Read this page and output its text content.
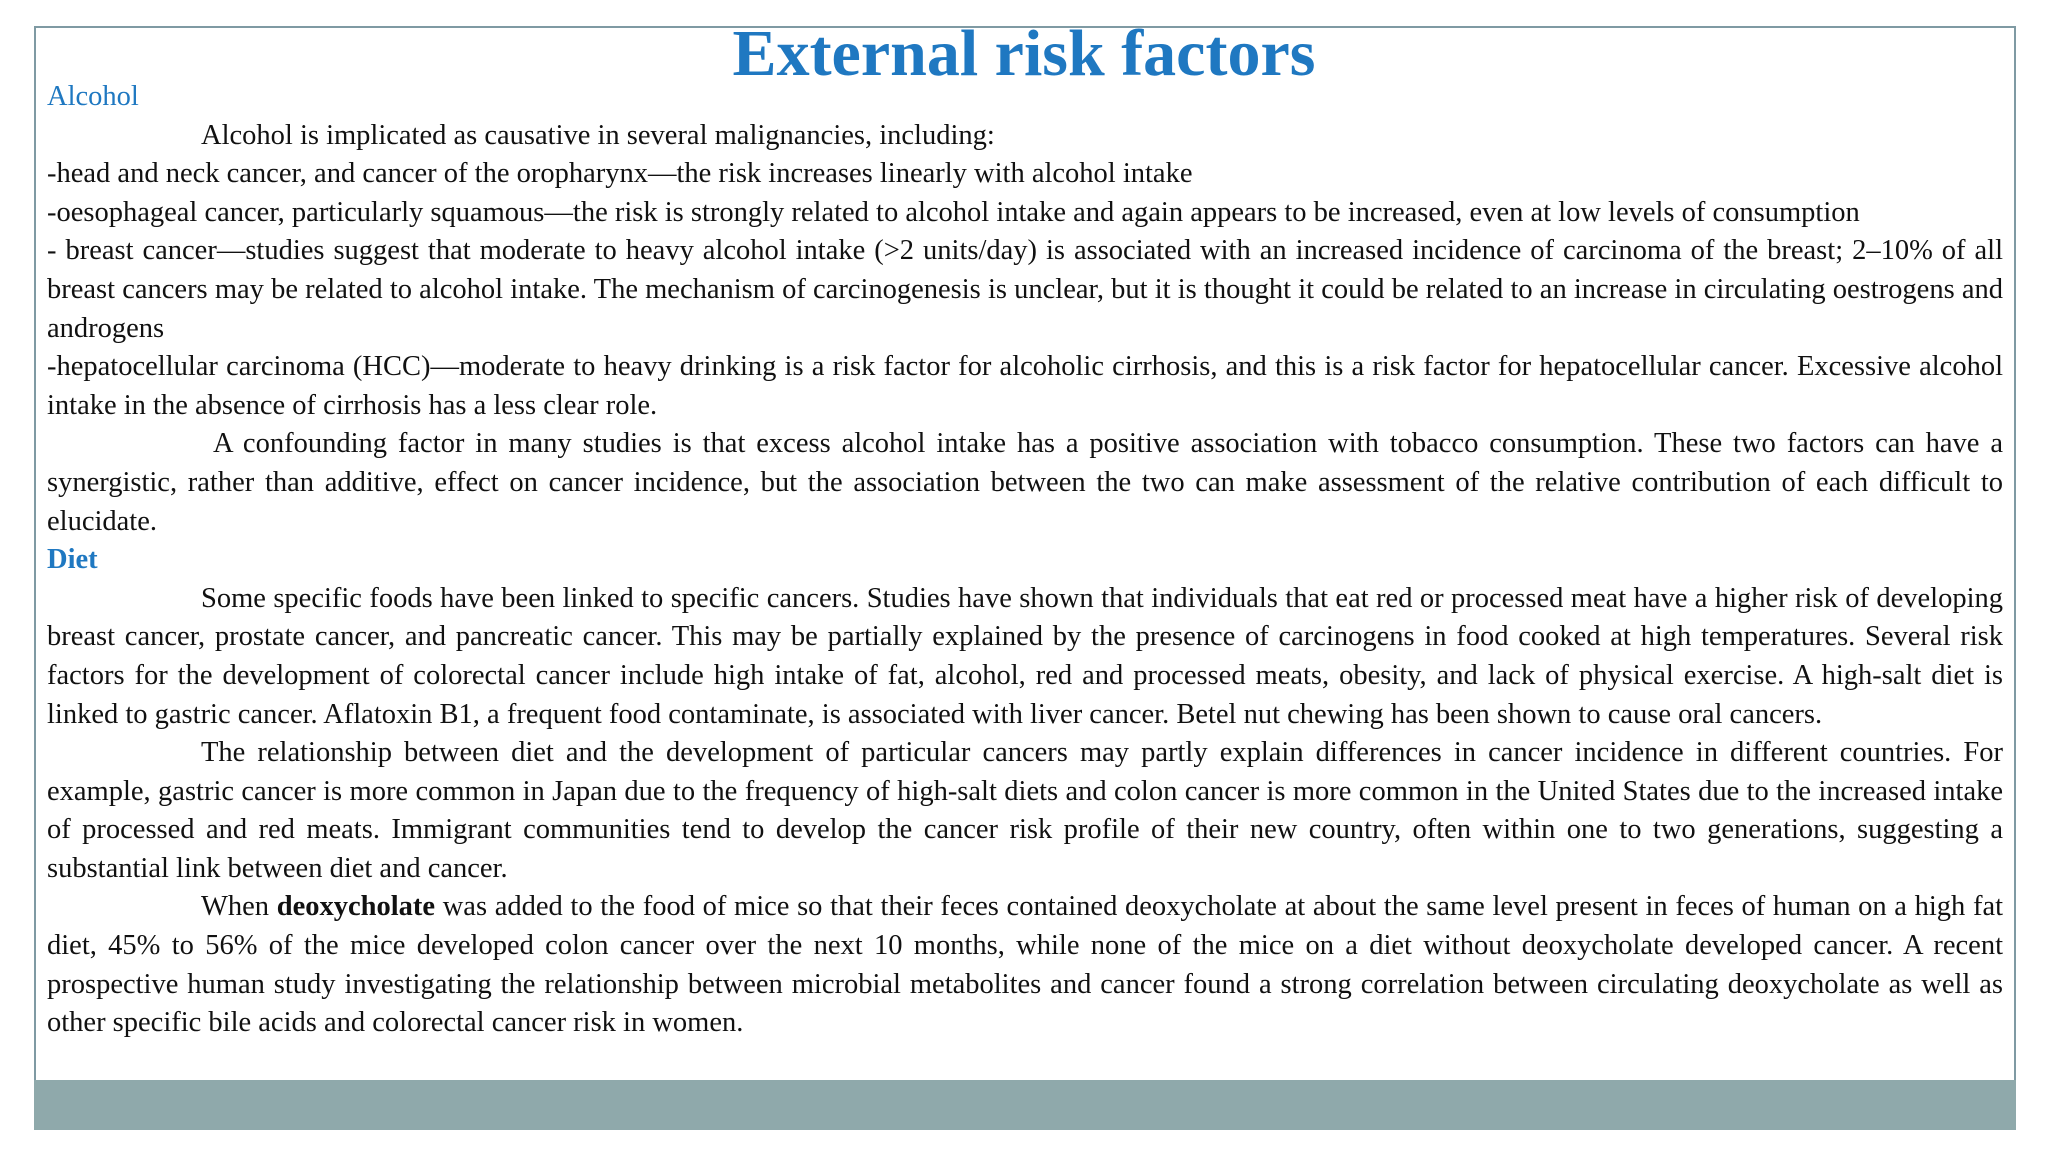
External risk factors

Alcohol

Alcohol is implicated as causative in several malignancies, including:

-head and neck cancer, and cancer of the oropharynx—the risk increases linearly with alcohol intake

-oesophageal cancer, particularly squamous—the risk is strongly related to alcohol intake and again appears to be increased, even at low levels of consumption

- breast cancer—studies suggest that moderate to heavy alcohol intake (>2 units/day) is associated with an increased incidence of carcinoma of the breast; 2–10% of all breast cancers may be related to alcohol intake. The mechanism of carcinogenesis is unclear, but it is thought it could be related to an increase in circulating oestrogens and androgens

-hepatocellular carcinoma (HCC)—moderate to heavy drinking is a risk factor for alcoholic cirrhosis, and this is a risk factor for hepatocellular cancer. Excessive alcohol intake in the absence of cirrhosis has a less clear role.

A confounding factor in many studies is that excess alcohol intake has a positive association with tobacco consumption. These two factors can have a synergistic, rather than additive, effect on cancer incidence, but the association between the two can make assessment of the relative contribution of each difficult to elucidate.

Diet

Some specific foods have been linked to specific cancers. Studies have shown that individuals that eat red or processed meat have a higher risk of developing breast cancer, prostate cancer, and pancreatic cancer. This may be partially explained by the presence of carcinogens in food cooked at high temperatures. Several risk factors for the development of colorectal cancer include high intake of fat, alcohol, red and processed meats, obesity, and lack of physical exercise. A high-salt diet is linked to gastric cancer. Aflatoxin B1, a frequent food contaminate, is associated with liver cancer. Betel nut chewing has been shown to cause oral cancers.

The relationship between diet and the development of particular cancers may partly explain differences in cancer incidence in different countries. For example, gastric cancer is more common in Japan due to the frequency of high-salt diets and colon cancer is more common in the United States due to the increased intake of processed and red meats. Immigrant communities tend to develop the cancer risk profile of their new country, often within one to two generations, suggesting a substantial link between diet and cancer.

When deoxycholate was added to the food of mice so that their feces contained deoxycholate at about the same level present in feces of human on a high fat diet, 45% to 56% of the mice developed colon cancer over the next 10 months, while none of the mice on a diet without deoxycholate developed cancer. A recent prospective human study investigating the relationship between microbial metabolites and cancer found a strong correlation between circulating deoxycholate as well as other specific bile acids and colorectal cancer risk in women.
